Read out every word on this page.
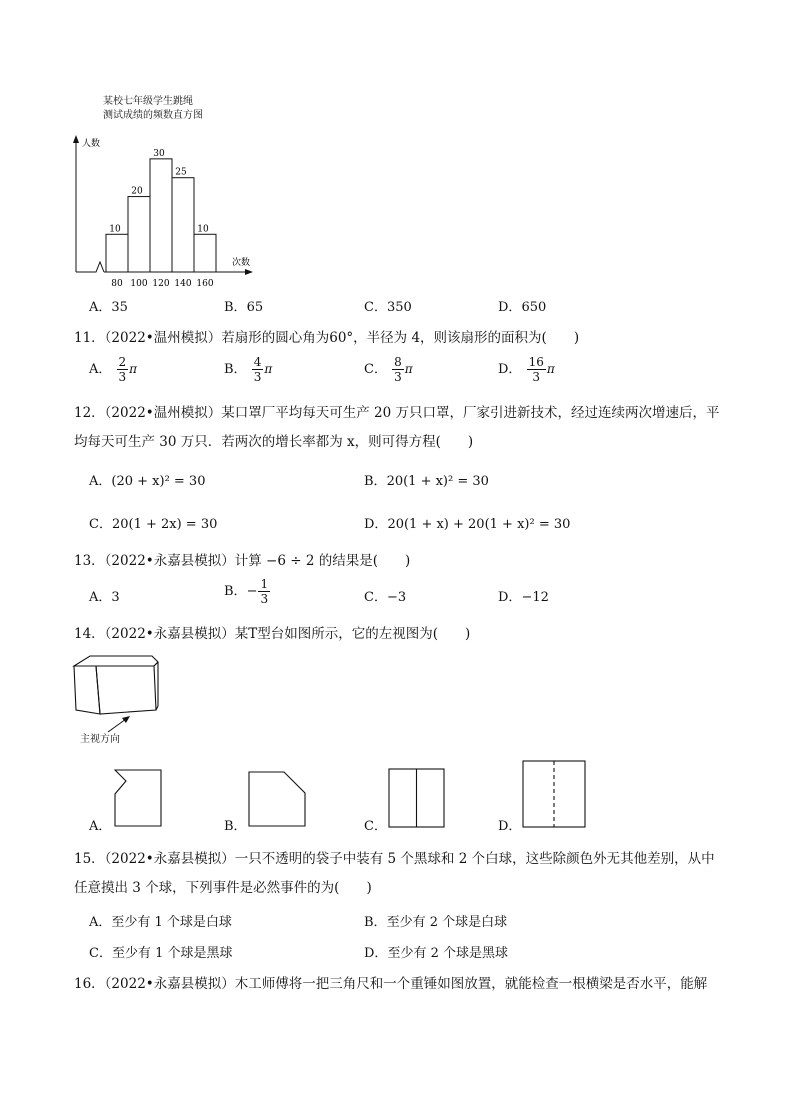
某校七年级学生跳绳
测试成绩的频数直方图
人数
次数
10
20
30
25
10
80 100 120 140 160
A．35	B．65	C．350	D．650
11．（2022•温州模拟）若扇形的圆心角为60°，半径为 4，则该扇形的面积为(　　)
A． $\frac{2}{3}$ π	B． $\frac{4}{3}$ π	C． $\frac{8}{3}$ π	D． $\frac{16}{3}$ π
12．（2022•温州模拟）某口罩厂平均每天可生产 20 万只口罩，厂家引进新技术，经过连续两次增速后，平
均每天可生产 30 万只．若两次的增长率都为 x，则可得方程(　　)
A．(20 + x)² = 30	B．20(1 + x)² = 30
C．20(1 + 2x) = 30	D．20(1 + x) + 20(1 + x)² = 30
13．（2022•永嘉县模拟）计算 −6 ÷ 2 的结果是(　　)
A．3	B．− $\frac{1}{3}$	C．−3	D．−12
14．（2022•永嘉县模拟）某T型台如图所示，它的左视图为(　　)
主视方向
A．	B．	C．	D．
15．（2022•永嘉县模拟）一只不透明的袋子中装有 5 个黑球和 2 个白球，这些除颜色外无其他差别，从中
任意摸出 3 个球，下列事件是必然事件的为(　　)
A．至少有 1 个球是白球	B．至少有 2 个球是白球
C．至少有 1 个球是黑球	D．至少有 2 个球是黑球
16．（2022•永嘉县模拟）木工师傅将一把三角尺和一个重锤如图放置，就能检查一根横梁是否水平，能解
